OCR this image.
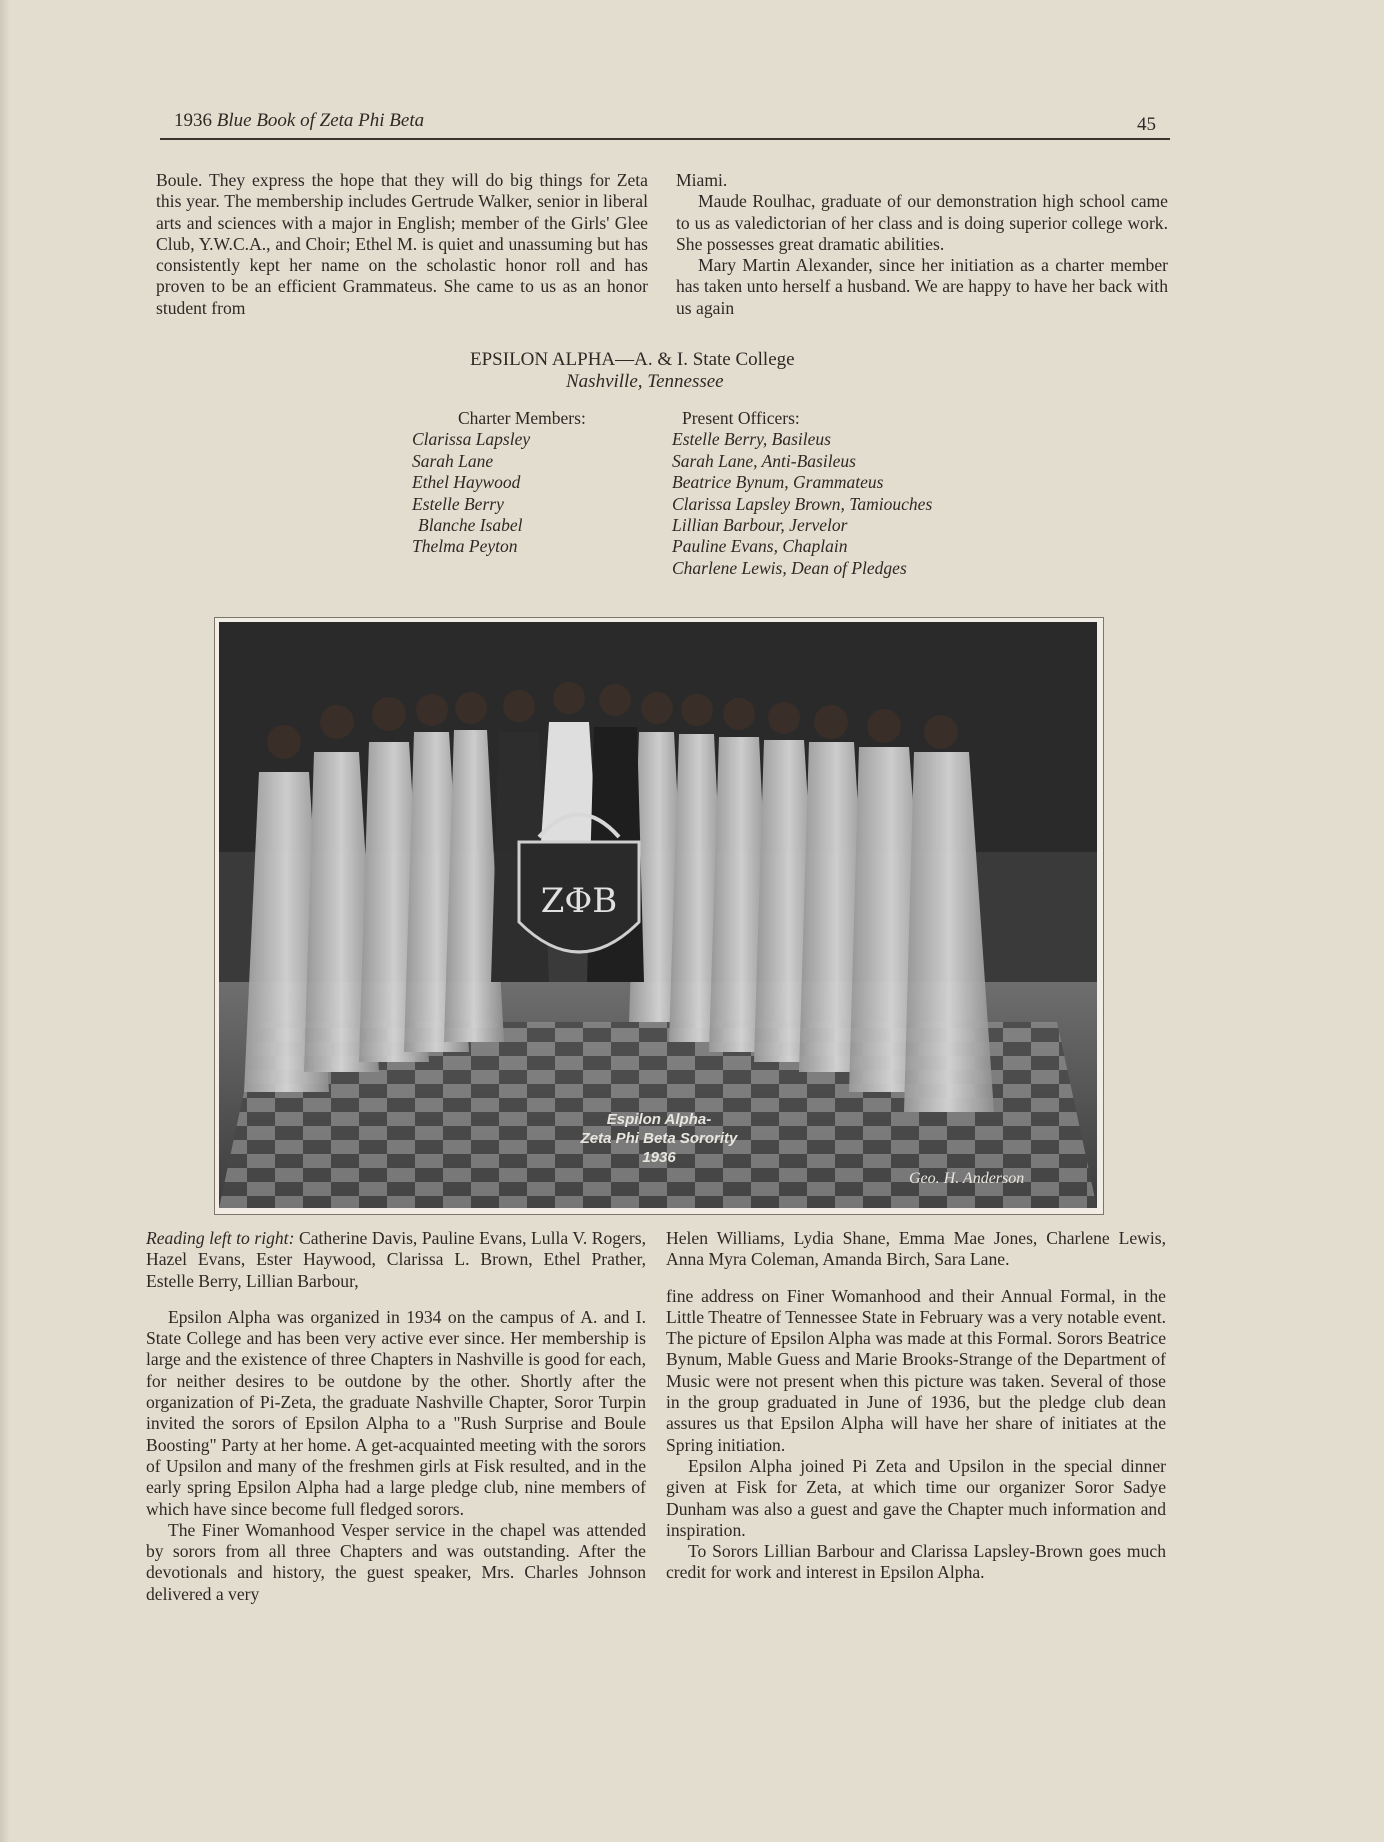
1936 Blue Book of Zeta Phi Beta	45

Boule. They express the hope that they will do big things for Zeta this year. The membership includes Gertrude Walker, senior in liberal arts and sciences with a major in English; member of the Girls' Glee Club, Y.W.C.A., and Choir; Ethel M. is quiet and unassuming but has consistently kept her name on the scholastic honor roll and has proven to be an efficient Grammateus. She came to us as an honor student from

Miami.

Maude Roulhac, graduate of our demonstration high school came to us as valedictorian of her class and is doing superior college work. She possesses great dramatic abilities.

Mary Martin Alexander, since her initiation as a charter member has taken unto herself a husband. We are happy to have her back with us again

EPSILON ALPHA—A. & I. State College
Nashville, Tennessee
Charter Members:
Clarissa Lapsley
Sarah Lane
Ethel Haywood
Estelle Berry
Blanche Isabel
Thelma Peyton
Present Officers:
Estelle Berry, Basileus
Sarah Lane, Anti-Basileus
Beatrice Bynum, Grammateus
Clarissa Lapsley Brown, Tamiouches
Lillian Barbour, Jervelor
Pauline Evans, Chaplain
Charlene Lewis, Dean of Pledges
ZΦB
Espilon Alpha-
Zeta Phi Beta Sorority
1936
Geo. H. Anderson

Reading left to right: Catherine Davis, Pauline Evans, Lulla V. Rogers, Hazel Evans, Ester Haywood, Clarissa L. Brown, Ethel Prather, Estelle Berry, Lillian Barbour,

Epsilon Alpha was organized in 1934 on the campus of A. and I. State College and has been very active ever since. Her membership is large and the existence of three Chapters in Nashville is good for each, for neither desires to be outdone by the other. Shortly after the organization of Pi-Zeta, the graduate Nashville Chapter, Soror Turpin invited the sorors of Epsilon Alpha to a "Rush Surprise and Boule Boosting" Party at her home. A get-acquainted meeting with the sorors of Upsilon and many of the freshmen girls at Fisk resulted, and in the early spring Epsilon Alpha had a large pledge club, nine members of which have since become full fledged sorors.

The Finer Womanhood Vesper service in the chapel was attended by sorors from all three Chapters and was outstanding. After the devotionals and history, the guest speaker, Mrs. Charles Johnson delivered a very

Helen Williams, Lydia Shane, Emma Mae Jones, Charlene Lewis, Anna Myra Coleman, Amanda Birch, Sara Lane.

fine address on Finer Womanhood and their Annual Formal, in the Little Theatre of Tennessee State in February was a very notable event. The picture of Epsilon Alpha was made at this Formal. Sorors Beatrice Bynum, Mable Guess and Marie Brooks-Strange of the Department of Music were not present when this picture was taken. Several of those in the group graduated in June of 1936, but the pledge club dean assures us that Epsilon Alpha will have her share of initiates at the Spring initiation.

Epsilon Alpha joined Pi Zeta and Upsilon in the special dinner given at Fisk for Zeta, at which time our organizer Soror Sadye Dunham was also a guest and gave the Chapter much information and inspiration.

To Sorors Lillian Barbour and Clarissa Lapsley-Brown goes much credit for work and interest in Epsilon Alpha.
